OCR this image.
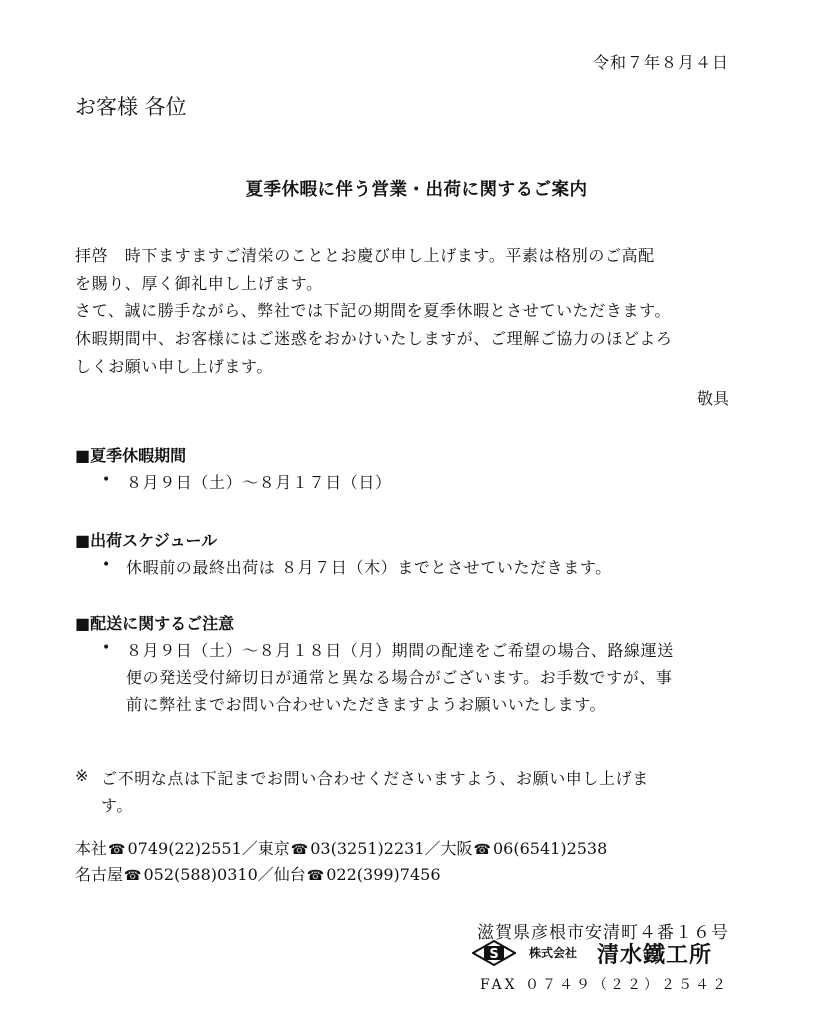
令和７年８月４日
お客様 各位
夏季休暇に伴う営業・出荷に関するご案内
拝啓　時下ますますご清栄のこととお慶び申し上げます。平素は格別のご高配
を賜り、厚く御礼申し上げます。
さて、誠に勝手ながら、弊社では下記の期間を夏季休暇とさせていただきます。
休暇期間中、お客様にはご迷惑をおかけいたしますが、ご理解ご協力のほどよろ
しくお願い申し上げます。
敬具
■夏季休暇期間
• ８月９日（土）～８月１７日（日）
■出荷スケジュール
• 休暇前の最終出荷は ８月７日（木）までとさせていただきます。
■配送に関するご注意
• ８月９日（土）～８月１８日（月）期間の配達をご希望の場合、路線運送
便の発送受付締切日が通常と異なる場合がございます。お手数ですが、事
前に弊社までお問い合わせいただきますようお願いいたします。
※ ご不明な点は下記までお問い合わせくださいますよう、お願い申し上げま
す。
本社☎ 0749(22)2551／東京☎ 03(3251)2231／大阪☎ 06(6541)2538
名古屋☎ 052(588)0310／仙台☎ 022(399)7456
滋賀県彦根市安清町４番１６号
S	株式会社 清水鐵工所
FAX ０７４９（２２）２５４２
